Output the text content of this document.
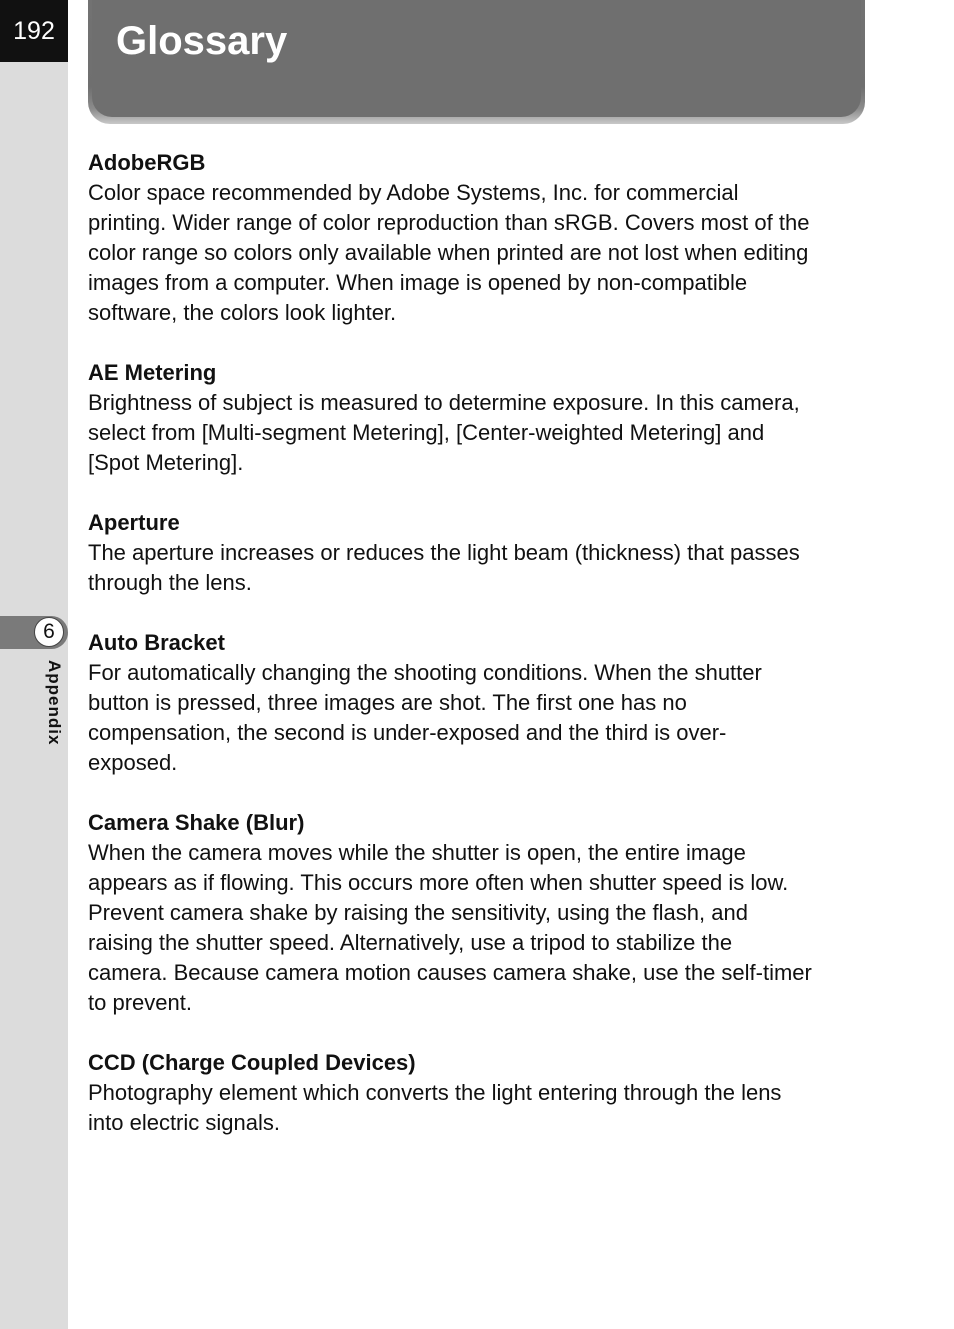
192
6
Appendix
Glossary

AdobeRGB

Color space recommended by Adobe Systems, Inc. for commercial
printing. Wider range of color reproduction than sRGB. Covers most of the
color range so colors only available when printed are not lost when editing
images from a computer. When image is opened by non-compatible
software, the colors look lighter.

AE Metering

Brightness of subject is measured to determine exposure. In this camera,
select from [Multi-segment Metering], [Center-weighted Metering] and
[Spot Metering].

Aperture

The aperture increases or reduces the light beam (thickness) that passes
through the lens.

Auto Bracket

For automatically changing the shooting conditions. When the shutter
button is pressed, three images are shot. The first one has no
compensation, the second is under-exposed and the third is over-
exposed.

Camera Shake (Blur)

When the camera moves while the shutter is open, the entire image
appears as if flowing. This occurs more often when shutter speed is low.
Prevent camera shake by raising the sensitivity, using the flash, and
raising the shutter speed. Alternatively, use a tripod to stabilize the
camera. Because camera motion causes camera shake, use the self-timer
to prevent.

CCD (Charge Coupled Devices)

Photography element which converts the light entering through the lens
into electric signals.
